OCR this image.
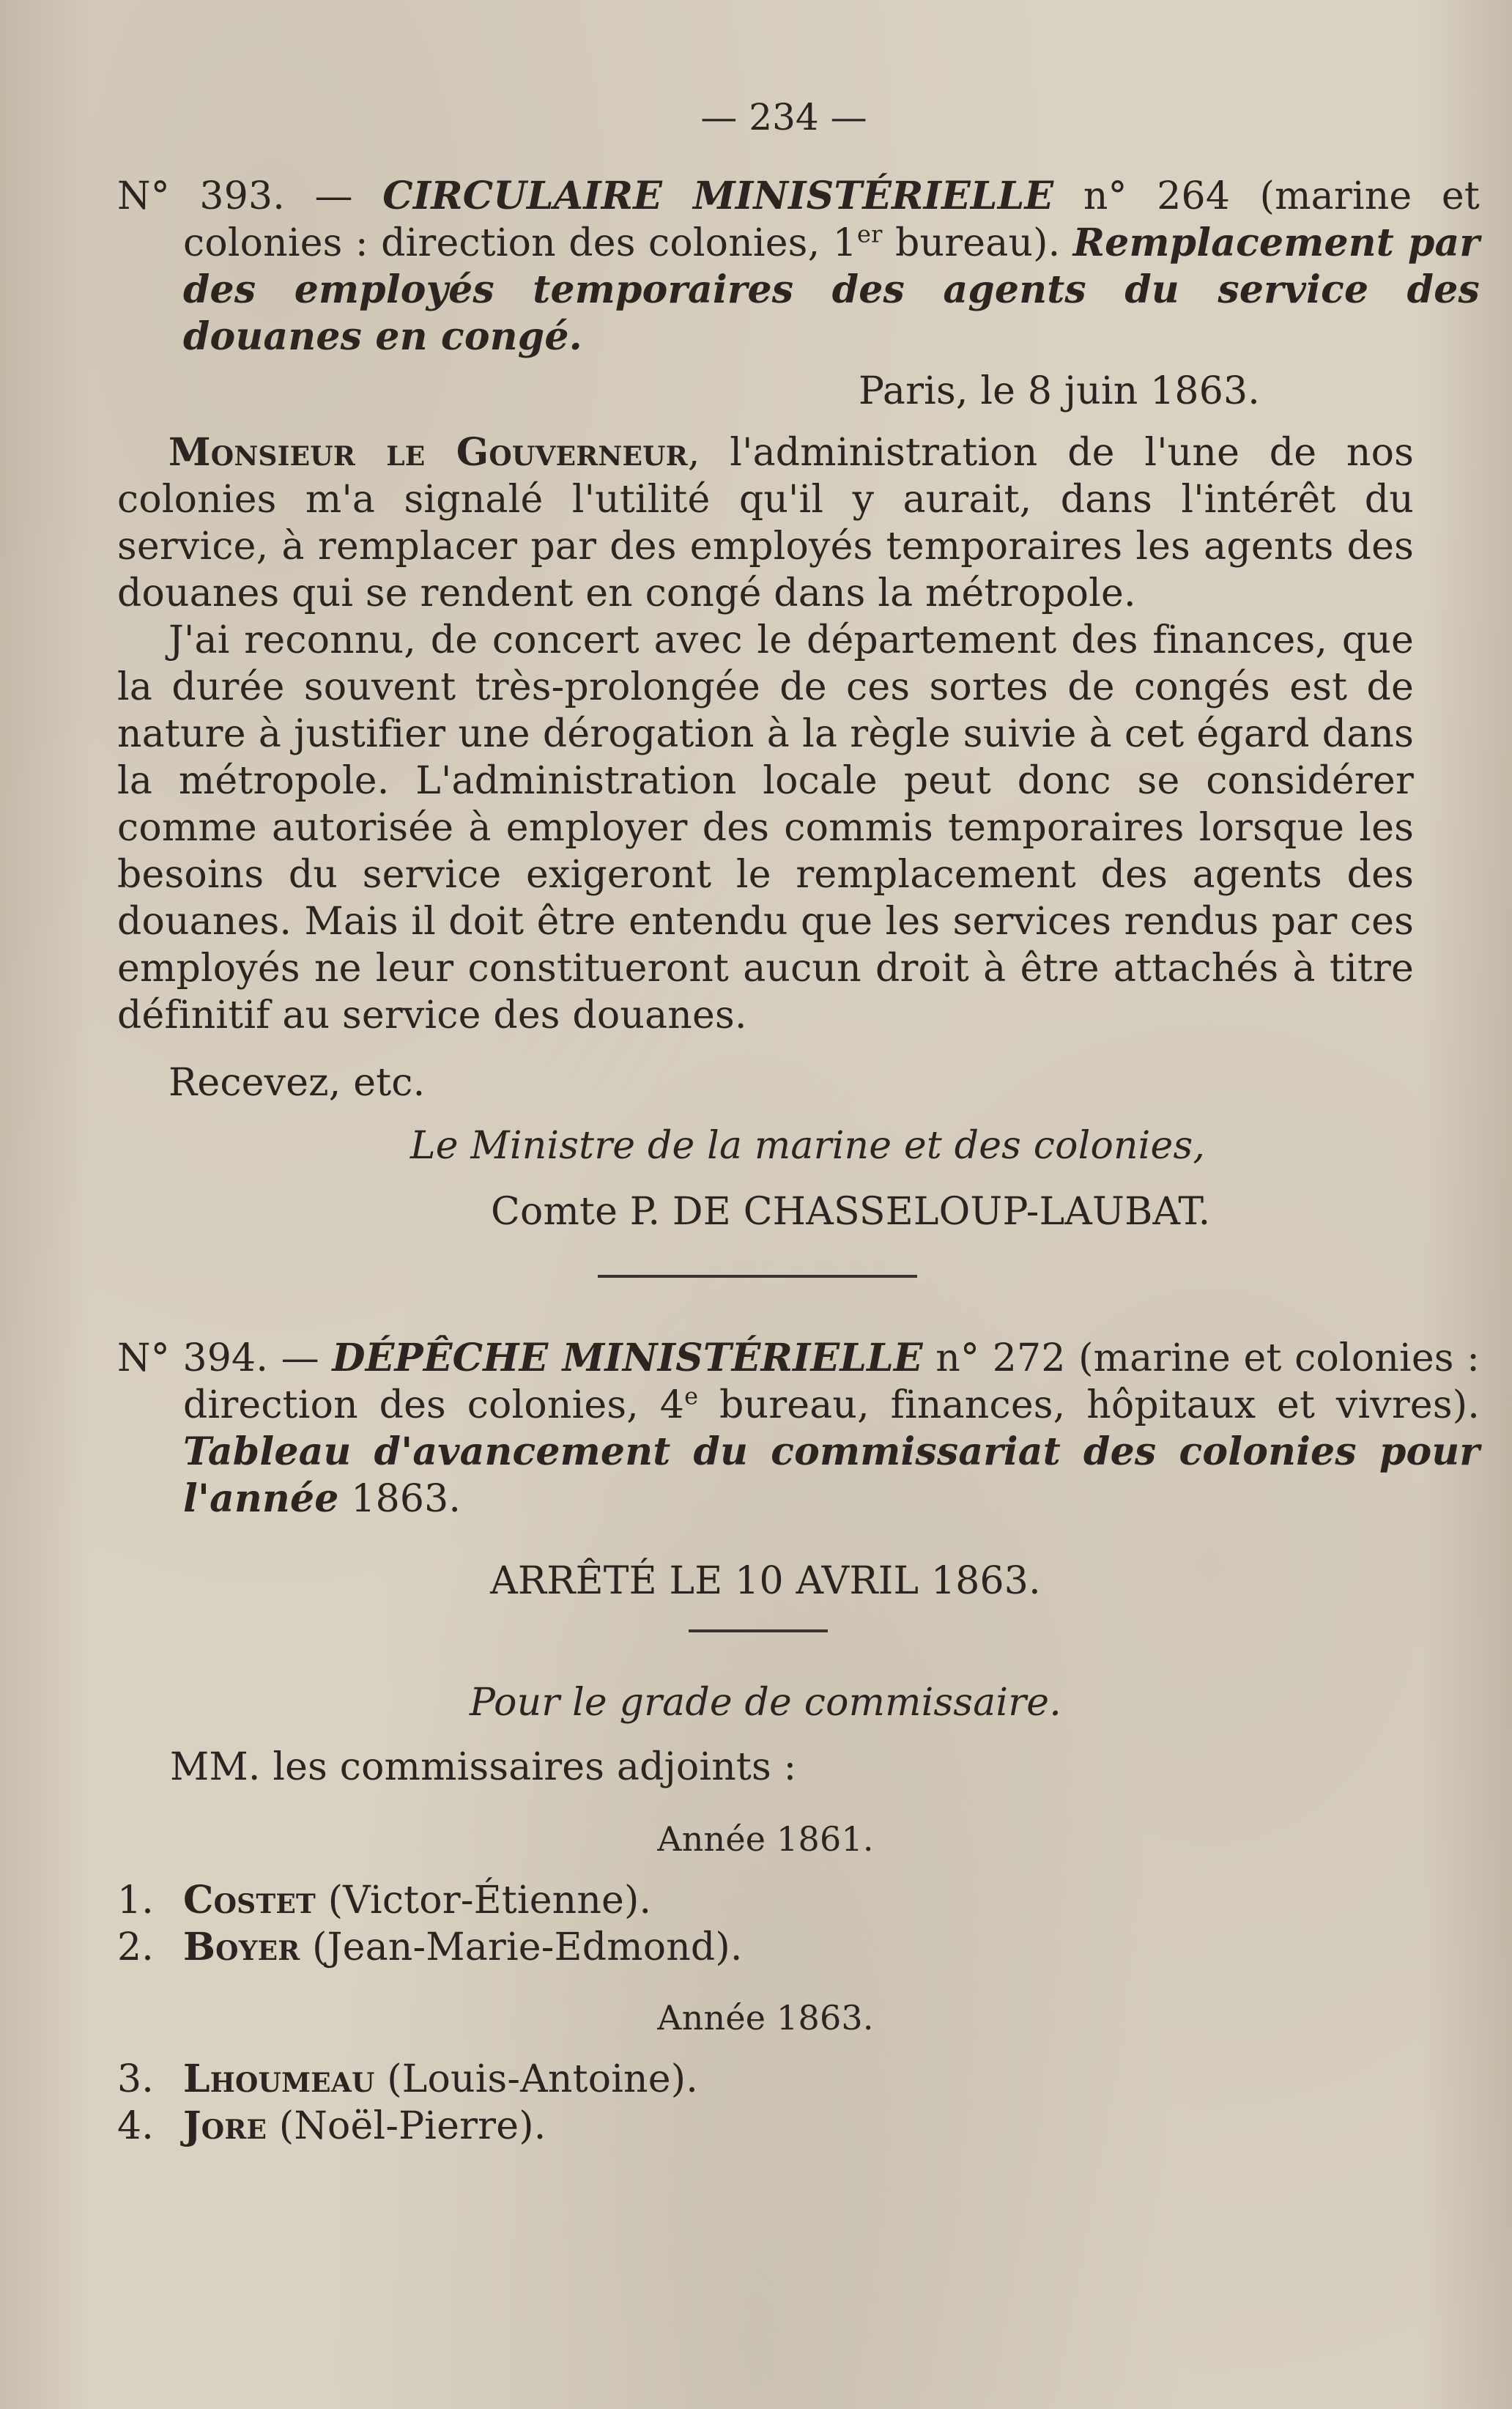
— 234 —
N° 393. — CIRCULAIRE MINISTÉRIELLE n° 264 (marine et colonies : direction des colonies, 1er bureau). Remplacement par des employés temporaires des agents du service des douanes en congé.
Paris, le 8 juin 1863.
Monsieur le Gouverneur, l'administration de l'une de nos colonies m'a signalé l'utilité qu'il y aurait, dans l'intérêt du service, à remplacer par des employés temporaires les agents des douanes qui se rendent en congé dans la métropole.
J'ai reconnu, de concert avec le département des finances, que la durée souvent très-prolongée de ces sortes de congés est de nature à justifier une dérogation à la règle suivie à cet égard dans la métropole. L'administration locale peut donc se considérer comme autorisée à employer des commis temporaires lorsque les besoins du service exigeront le remplacement des agents des douanes. Mais il doit être entendu que les services rendus par ces employés ne leur constitueront aucun droit à être attachés à titre définitif au service des douanes.
Recevez, etc.
Le Ministre de la marine et des colonies,
Comte P. DE CHASSELOUP-LAUBAT.
N° 394. — DÉPÊCHE MINISTÉRIELLE n° 272 (marine et colonies : direction des colonies, 4e bureau, finances, hôpitaux et vivres). Tableau d'avancement du commissariat des colonies pour l'année 1863.
ARRÊTÉ LE 10 AVRIL 1863.
Pour le grade de commissaire.
MM. les commissaires adjoints :
Année 1861.
1. Costet (Victor-Étienne).
2. Boyer (Jean-Marie-Edmond).
Année 1863.
3. Lhoumeau (Louis-Antoine).
4. Jore (Noël-Pierre).
